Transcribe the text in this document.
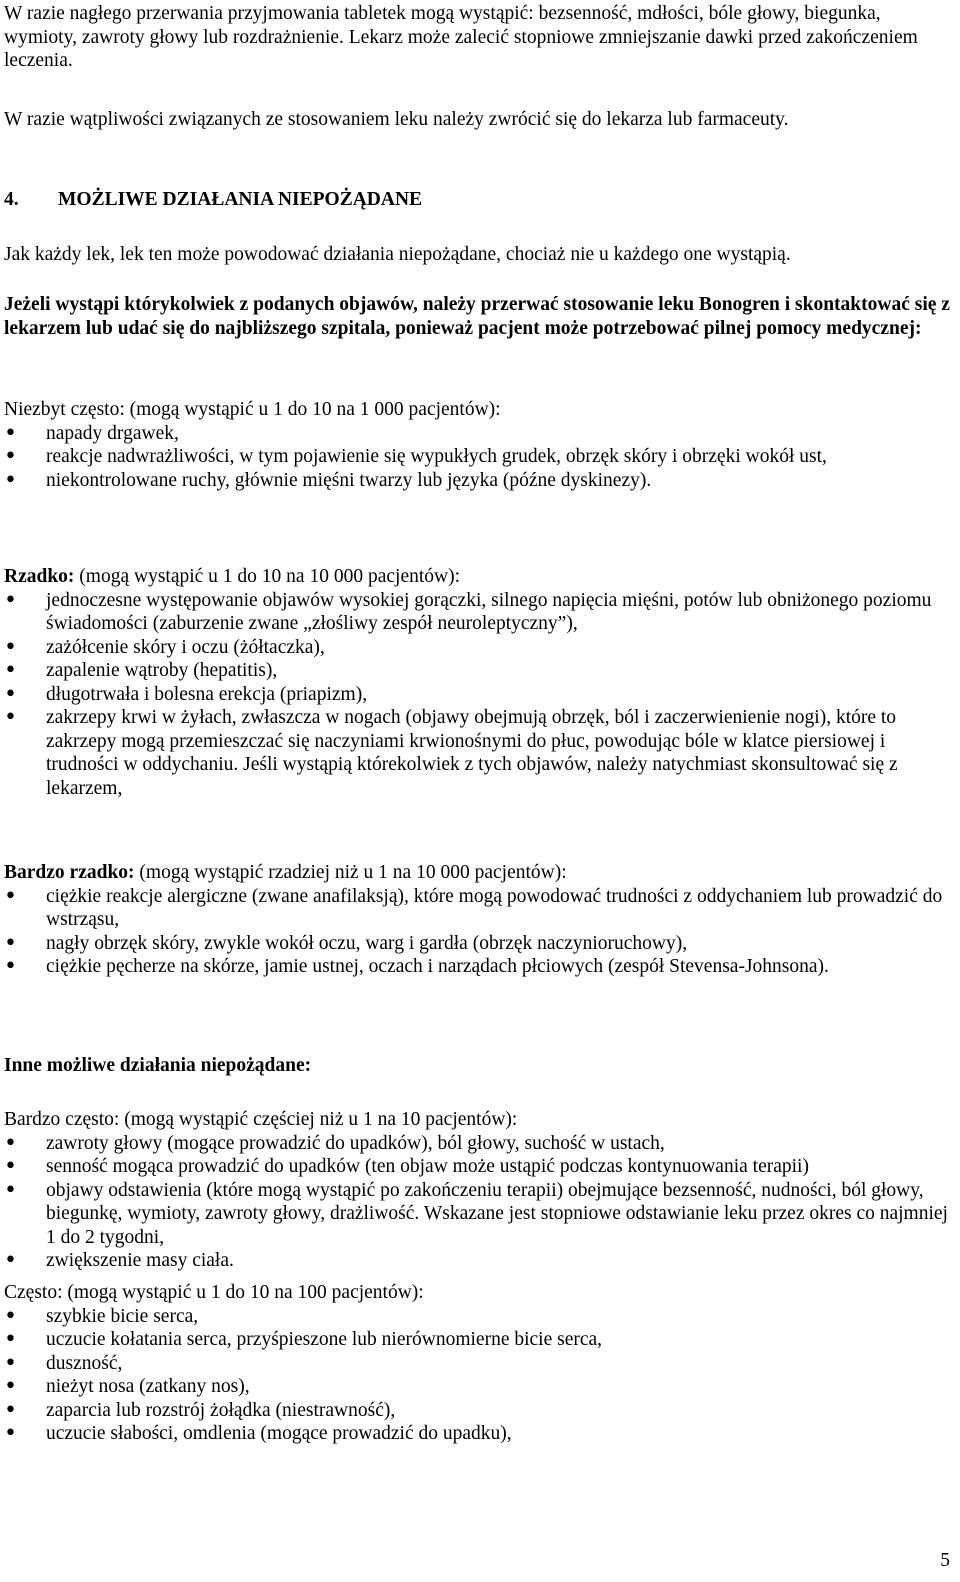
W razie nagłego przerwania przyjmowania tabletek mogą wystąpić: bezsenność, mdłości, bóle głowy, biegunka, wymioty, zawroty głowy lub rozdrażnienie. Lekarz może zalecić stopniowe zmniejszanie dawki przed zakończeniem leczenia.

W razie wątpliwości związanych ze stosowaniem leku należy zwrócić się do lekarza lub farmaceuty.

4. MOŻLIWE DZIAŁANIA NIEPOŻĄDANE

Jak każdy lek, lek ten może powodować działania niepożądane, chociaż nie u każdego one wystąpią.

Jeżeli wystąpi którykolwiek z podanych objawów, należy przerwać stosowanie leku Bonogren i skontaktować się z lekarzem lub udać się do najbliższego szpitala, ponieważ pacjent może potrzebować pilnej pomocy medycznej:

Niezbyt często: (mogą wystąpić u 1 do 10 na 1 000 pacjentów):

• napady drgawek,
• reakcje nadwrażliwości, w tym pojawienie się wypukłych grudek, obrzęk skóry i obrzęki wokół ust,
• niekontrolowane ruchy, głównie mięśni twarzy lub języka (późne dyskinezy).

Rzadko: (mogą wystąpić u 1 do 10 na 10 000 pacjentów):

• jednoczesne występowanie objawów wysokiej gorączki, silnego napięcia mięśni, potów lub obniżonego poziomu świadomości (zaburzenie zwane „złośliwy zespół neuroleptyczny”),
• zażółcenie skóry i oczu (żółtaczka),
• zapalenie wątroby (hepatitis),
• długotrwała i bolesna erekcja (priapizm),
• zakrzepy krwi w żyłach, zwłaszcza w nogach (objawy obejmują obrzęk, ból i zaczerwienienie nogi), które to zakrzepy mogą przemieszczać się naczyniami krwionośnymi do płuc, powodując bóle w klatce piersiowej i trudności w oddychaniu. Jeśli wystąpią którekolwiek z tych objawów, należy natychmiast skonsultować się z lekarzem,

Bardzo rzadko: (mogą wystąpić rzadziej niż u 1 na 10 000 pacjentów):

• ciężkie reakcje alergiczne (zwane anafilaksją), które mogą powodować trudności z oddychaniem lub prowadzić do wstrząsu,
• nagły obrzęk skóry, zwykle wokół oczu, warg i gardła (obrzęk naczynioruchowy),
• ciężkie pęcherze na skórze, jamie ustnej, oczach i narządach płciowych (zespół Stevensa-Johnsona).

Inne możliwe działania niepożądane:

Bardzo często: (mogą wystąpić częściej niż u 1 na 10 pacjentów):

• zawroty głowy (mogące prowadzić do upadków), ból głowy, suchość w ustach,
• senność mogąca prowadzić do upadków (ten objaw może ustąpić podczas kontynuowania terapii)
• objawy odstawienia (które mogą wystąpić po zakończeniu terapii) obejmujące bezsenność, nudności, ból głowy, biegunkę, wymioty, zawroty głowy, drażliwość. Wskazane jest stopniowe odstawianie leku przez okres co najmniej 1 do 2 tygodni,
• zwiększenie masy ciała.

Często: (mogą wystąpić u 1 do 10 na 100 pacjentów):

• szybkie bicie serca,
• uczucie kołatania serca, przyśpieszone lub nierównomierne bicie serca,
• duszność,
• nieżyt nosa (zatkany nos),
• zaparcia lub rozstrój żołądka (niestrawność),
• uczucie słabości, omdlenia (mogące prowadzić do upadku),

5
